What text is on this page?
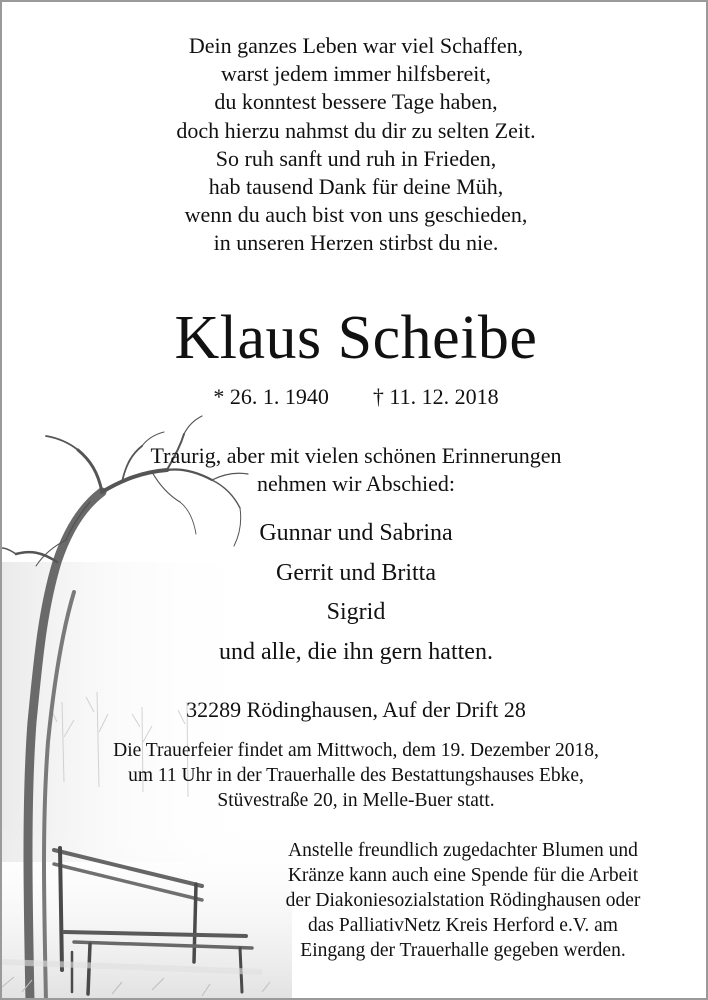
Dein ganzes Leben war viel Schaffen,
warst jedem immer hilfsbereit,
du konntest bessere Tage haben,
doch hierzu nahmst du dir zu selten Zeit.
So ruh sanft und ruh in Frieden,
hab tausend Dank für deine Müh,
wenn du auch bist von uns geschieden,
in unseren Herzen stirbst du nie.
Klaus Scheibe
* 26. 1. 1940 † 11. 12. 2018
Traurig, aber mit vielen schönen Erinnerungen
nehmen wir Abschied:
Gunnar und Sabrina
Gerrit und Britta
Sigrid
und alle, die ihn gern hatten.
32289 Rödinghausen, Auf der Drift 28
Die Trauerfeier findet am Mittwoch, dem 19. Dezember 2018,
um 11 Uhr in der Trauerhalle des Bestattungshauses Ebke,
Stüvestraße 20, in Melle-Buer statt.
Anstelle freundlich zugedachter Blumen und
Kränze kann auch eine Spende für die Arbeit
der Diakoniesozialstation Rödinghausen oder
das PalliativNetz Kreis Herford e.V. am
Eingang der Trauerhalle gegeben werden.
